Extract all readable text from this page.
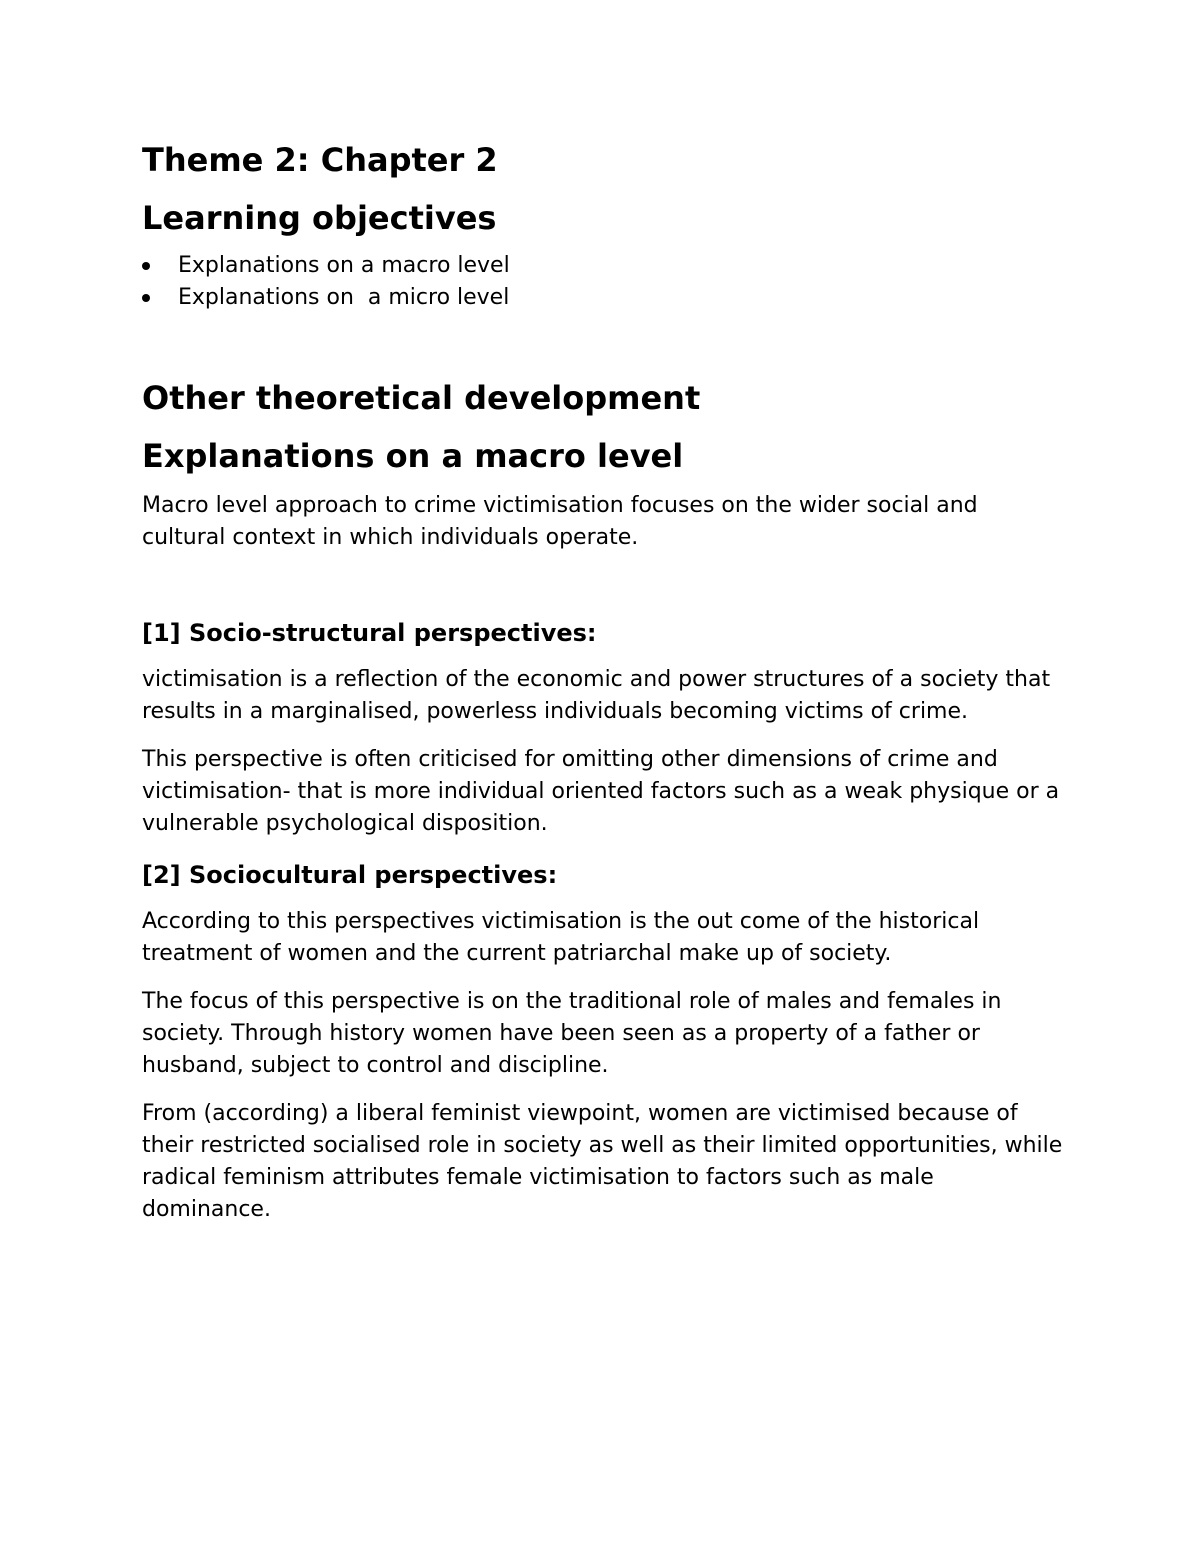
Theme 2: Chapter 2
Learning objectives
Explanations on a macro level
Explanations on  a micro level
Other theoretical development
Explanations on a macro level

Macro level approach to crime victimisation focuses on the wider social and cultural context in which individuals operate.

[1] Socio-structural perspectives:

victimisation is a reflection of the economic and power structures of a society that results in a marginalised, powerless individuals becoming victims of crime.

This perspective is often criticised for omitting other dimensions of crime and victimisation- that is more individual oriented factors such as a weak physique or a vulnerable psychological disposition.

[2] Sociocultural perspectives:

According to this perspectives victimisation is the out come of the historical treatment of women and the current patriarchal make up of society.

The focus of this perspective is on the traditional role of males and females in society. Through history women have been seen as a property of a father or husband, subject to control and discipline.

From (according) a liberal feminist viewpoint, women are victimised because of their restricted socialised role in society as well as their limited opportunities, while radical feminism attributes female victimisation to factors such as male dominance.
